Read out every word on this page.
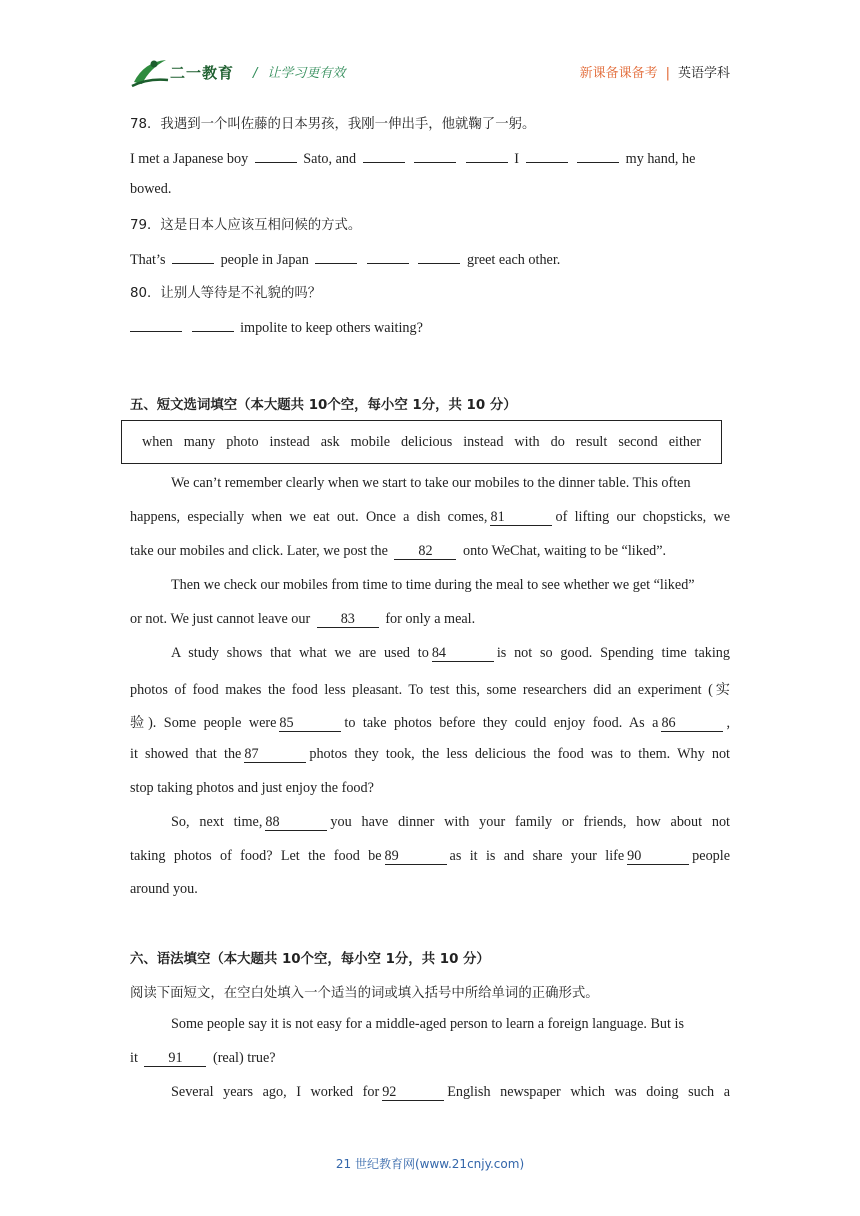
二一教育 / 让学习更有效	新课备课备考 | 英语学科
78．我遇到一个叫佐藤的日本男孩，我刚一伸出手，他就鞠了一躬。
I met a Japanese boy	Sato, and	I	my hand, he
bowed.
79．这是日本人应该互相问候的方式。
That’s	people in Japan	greet each other.
80．让别人等待是不礼貌的吗？
impolite to keep others waiting?
五、短文选词填空（本大题共 10个空，每小空 1分，共 10 分）
when many photo instead ask mobile delicious instead with do result second either
We can’t remember clearly when we start to take our mobiles to the dinner table. This often
happens, especially when we eat out. Once a dish comes, 81	of lifting our chopsticks, we
take our mobiles and click. Later, we post the 82 onto WeChat, waiting to be “liked”.
Then we check our mobiles from time to time during the meal to see whether we get “liked”
or not. We just cannot leave our 83 for only a meal.
A study shows that what we are used to 84	is not so good. Spending time taking
photos of food makes the food less pleasant. To test this, some researchers did an experiment (实
验). Some people were 85	to take photos before they could enjoy food. As a 86	,
it showed that the 87	photos they took, the less delicious the food was to them. Why not
stop taking photos and just enjoy the food?
So, next time, 88	you have dinner with your family or friends, how about not
taking photos of food? Let the food be 89	as it is and share your life 90	people
around you.
六、语法填空（本大题共 10个空，每小空 1分，共 10 分）
阅读下面短文，在空白处填入一个适当的词或填入括号中所给单词的正确形式。
Some people say it is not easy for a middle-aged person to learn a foreign language. But is
it 91 (real) true?
Several years ago, I worked for 92	English newspaper which was doing such a
21 世纪教育网(www.21cnjy.com)
